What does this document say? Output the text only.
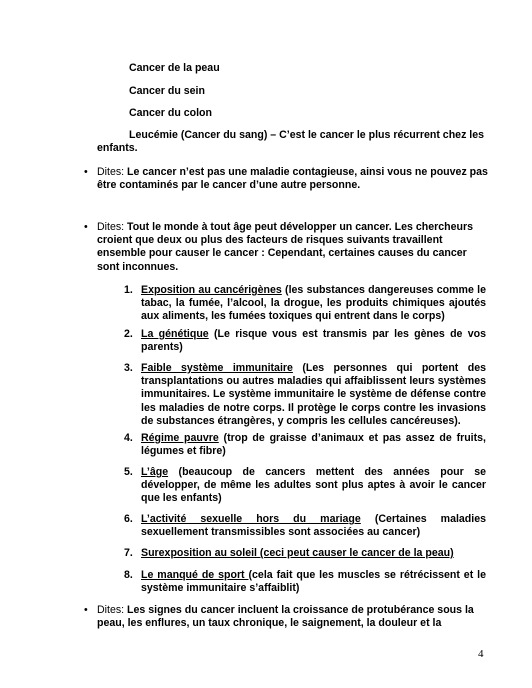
Cancer de la peau

Cancer du sein

Cancer du colon

Leucémie (Cancer du sang) – C’est le cancer le plus récurrent chez les enfants.

• Dites: Le cancer n’est pas une maladie contagieuse, ainsi vous ne pouvez pas être contaminés par le cancer d’une autre personne.

• Dites: Tout le monde à tout âge peut développer un cancer. Les chercheurs croient que deux ou plus des facteurs de risques suivants travaillent ensemble pour causer le cancer : Cependant, certaines causes du cancer sont inconnues.

1. Exposition au cancérigènes (les substances dangereuses comme le tabac, la fumée, l’alcool, la drogue, les produits chimiques ajoutés aux aliments, les fumées toxiques qui entrent dans le corps)

2. La génétique (Le risque vous est transmis par les gènes de vos parents)

3. Faible système immunitaire (Les personnes qui portent des transplantations ou autres maladies qui affaiblissent leurs systèmes immunitaires. Le système immunitaire le système de défense contre les maladies de notre corps. Il protège le corps contre les invasions de substances étrangères, y compris les cellules cancéreuses).

4. Régime pauvre (trop de graisse d’animaux et pas assez de fruits, légumes et fibre)

5. L’âge (beaucoup de cancers mettent des années pour se développer, de même les adultes sont plus aptes à avoir le cancer que les enfants)

6. L’activité sexuelle hors du mariage (Certaines maladies sexuellement transmissibles sont associées au cancer)

7. Surexposition au soleil (ceci peut causer le cancer de la peau)

8. Le manqué de sport (cela fait que les muscles se rétrécissent et le système immunitaire s’affaiblit)

• Dites: Les signes du cancer incluent la croissance de protubérance sous la peau, les enflures, un taux chronique, le saignement, la douleur et la

4
